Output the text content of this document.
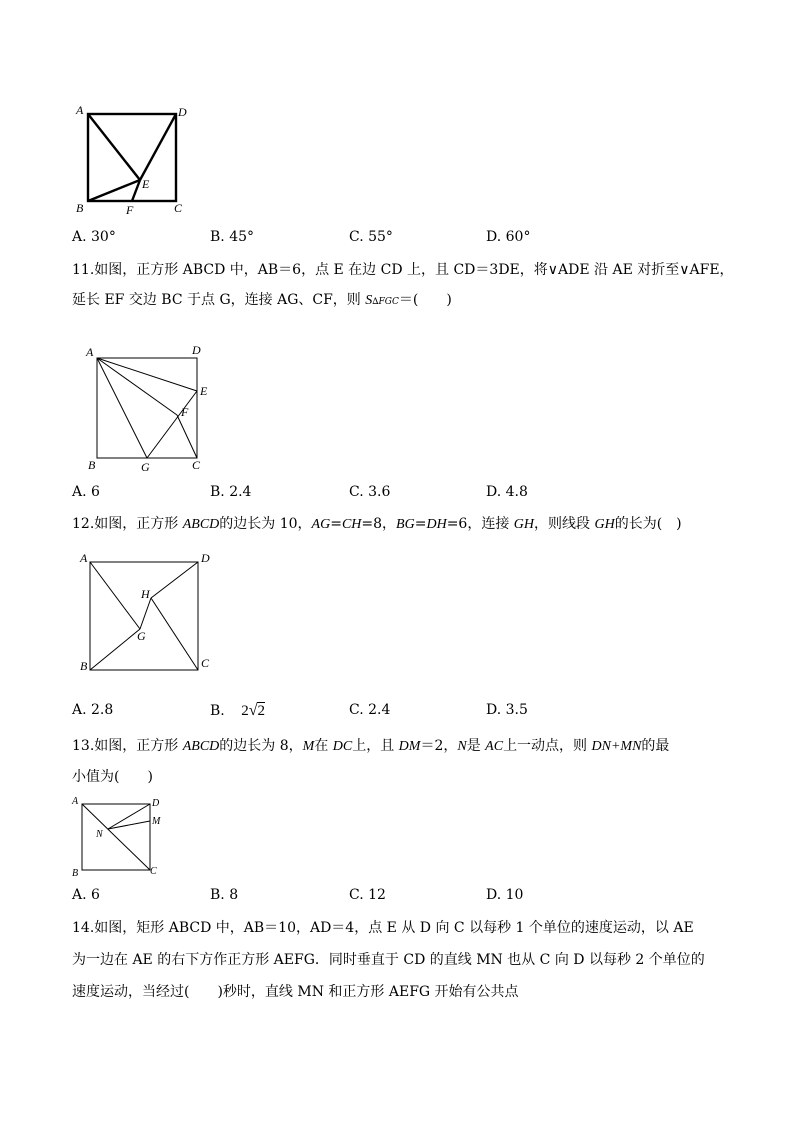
A	D
E
B	F	C
A. 30°	B. 45°	C. 55°	D. 60°
11.如图，正方形 ABCD 中，AB＝6，点 E 在边 CD 上，且 CD＝3DE，将∨ADE 沿 AE 对折至∨AFE，
延长 EF 交边 BC 于点 G，连接 AG、CF，则 S∆FGC＝(　　)
A	D
E
F
B	G	C
A. 6	B. 2.4	C. 3.6	D. 4.8
12.如图，正方形 ABCD的边长为 10，AG=CH=8，BG=DH=6，连接 GH，则线段 GH的长为(　)
A	D
H
G
B	C
A. 2.8	B. 2√2	C. 2.4	D. 3.5
13.如图，正方形 ABCD的边长为 8，M在 DC上，且 DM＝2，N是 AC上一动点，则 DN+MN的最
小值为(　　)
A	D
M
N
B	C
A. 6	B. 8	C. 12	D. 10
14.如图，矩形 ABCD 中，AB＝10，AD＝4，点 E 从 D 向 C 以每秒 1 个单位的速度运动，以 AE
为一边在 AE 的右下方作正方形 AEFG．同时垂直于 CD 的直线 MN 也从 C 向 D 以每秒 2 个单位的
速度运动，当经过(　　)秒时，直线 MN 和正方形 AEFG 开始有公共点
